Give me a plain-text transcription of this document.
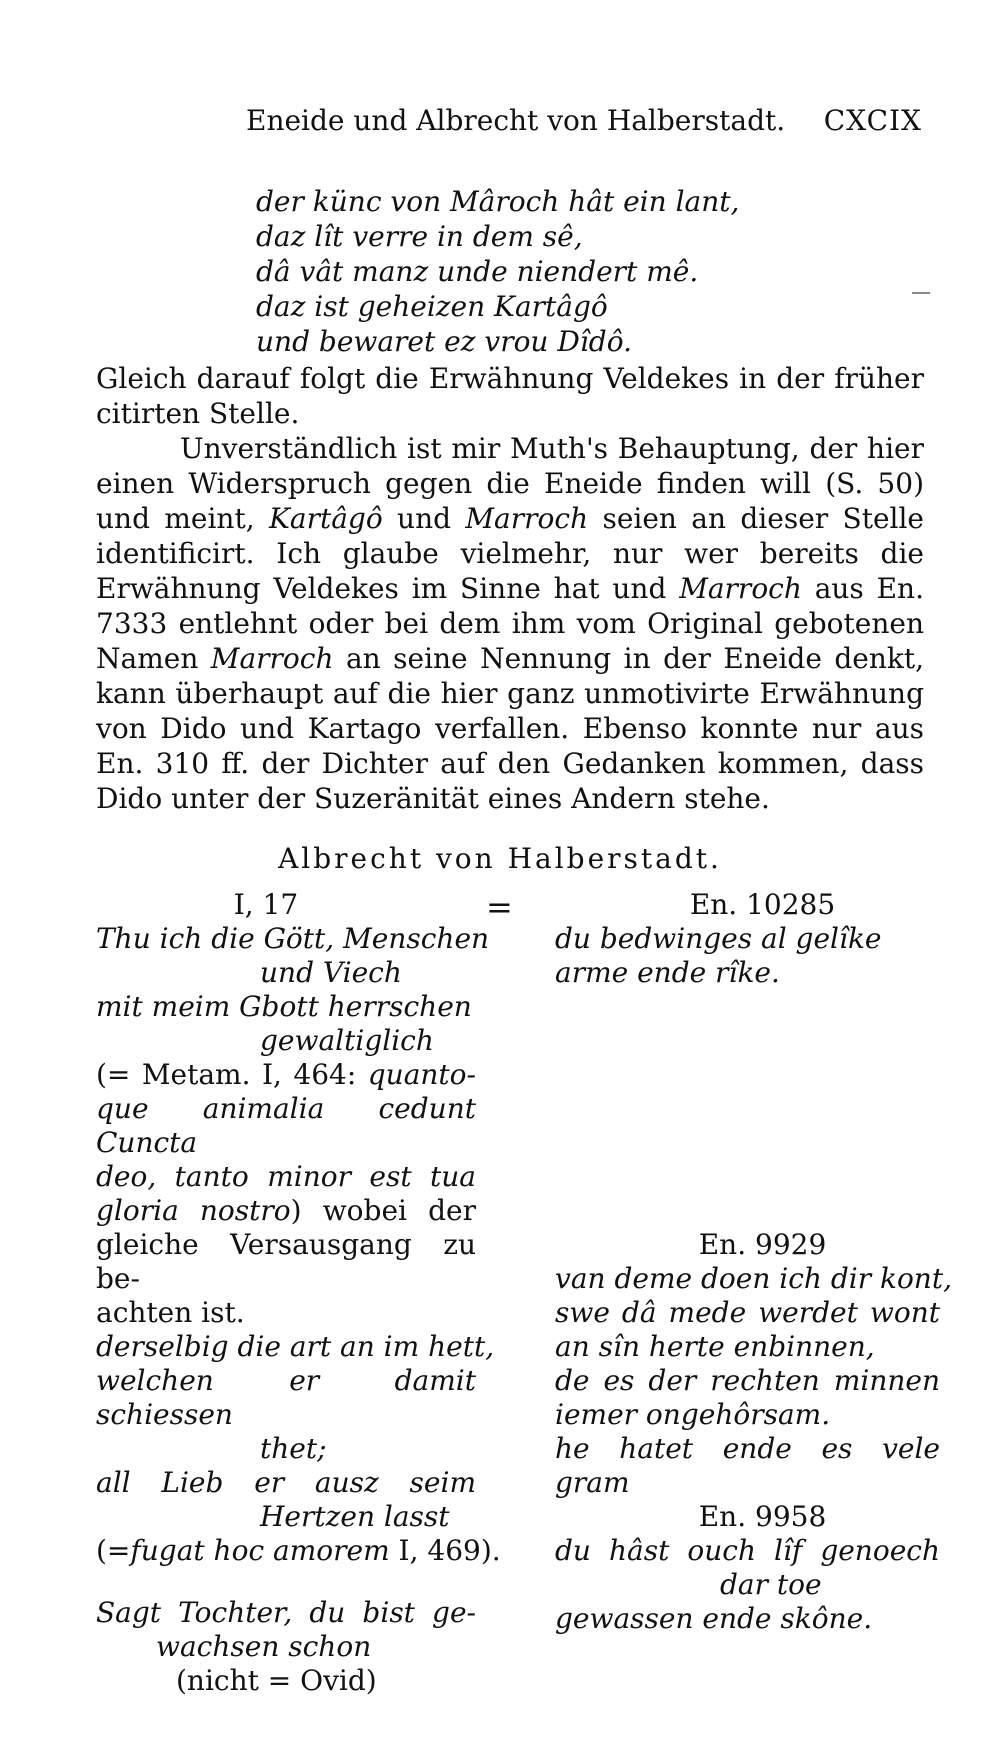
Eneide und Albrecht von Halberstadt. CXCIX
der künc von Mâroch hât ein lant,
daz lît verre in dem sê,
dâ vât manz unde niendert mê.
daz ist geheizen Kartâgô
und bewaret ez vrou Dîdô.
Gleich darauf folgt die Erwähnung Veldekes in der früher citirten Stelle.
Unverständlich ist mir Muth's Behauptung, der hier einen Widerspruch gegen die Eneide finden will (S. 50) und meint, Kartâgô und Marroch seien an dieser Stelle identificirt. Ich glaube vielmehr, nur wer bereits die Erwähnung Veldekes im Sinne hat und Marroch aus En. 7333 entlehnt oder bei dem ihm vom Original gebotenen Namen Marroch an seine Nennung in der Eneide denkt, kann überhaupt auf die hier ganz unmotivirte Erwähnung von Dido und Kartago verfallen. Ebenso konnte nur aus En. 310 ff. der Dichter auf den Gedanken kommen, dass Dido unter der Suzeränität eines Andern stehe.
Albrecht von Halberstadt.
=
I, 17
Thu ich die Gött, Menschen
und Viech
mit meim Gbott herrschen
gewaltiglich
(= Metam. I, 464: quanto-
que animalia cedunt Cuncta
deo, tanto minor est tua
gloria nostro) wobei der
gleiche Versausgang zu be-
achten ist.
derselbig die art an im hett,
welchen er damit schiessen
thet;
all Lieb er ausz seim
Hertzen lasst
(=fugat hoc amorem I, 469).
Sagt Tochter, du bist ge-
wachsen schon
(nicht = Ovid)
En. 10285
du bedwinges al gelîke
arme ende rîke.
En. 9929
van deme doen ich dir kont,
swe dâ mede werdet wont
an sîn herte enbinnen,
de es der rechten minnen
iemer ongehôrsam.
he hatet ende es vele gram
En. 9958
du hâst ouch lîf genoech
dar toe
gewassen ende skône.
